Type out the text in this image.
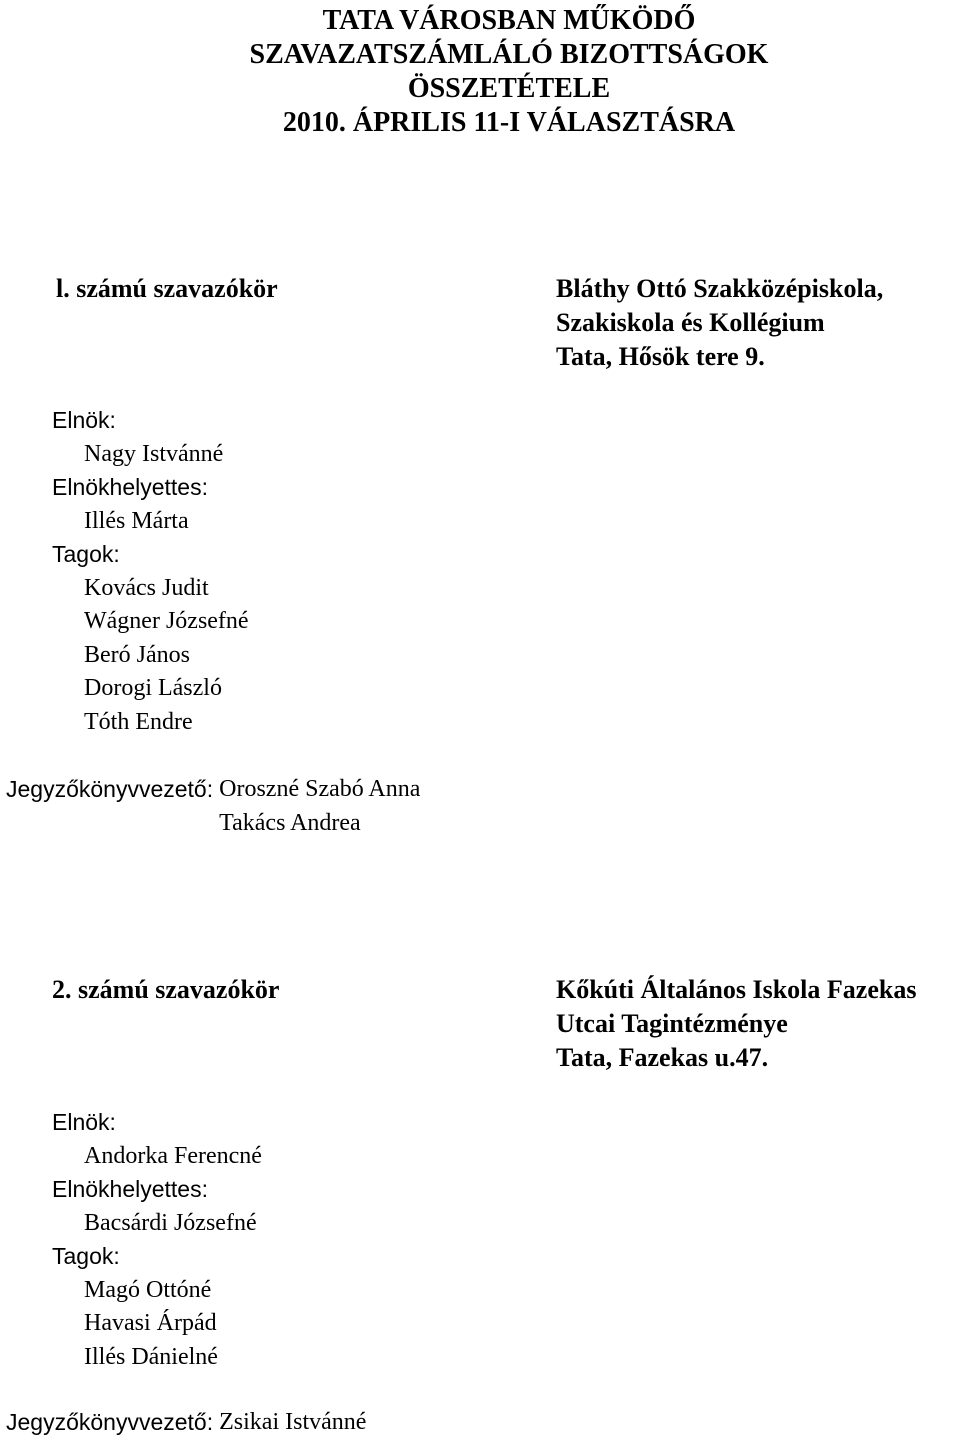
TATA VÁROSBAN MŰKÖDŐ
SZAVAZATSZÁMLÁLÓ BIZOTTSÁGOK
ÖSSZETÉTELE
2010. ÁPRILIS 11-I VÁLASZTÁSRA
l. számú szavazókör	Bláthy Ottó Szakközépiskola,
Szakiskola és Kollégium
Tata, Hősök tere 9.
Elnök:
Nagy Istvánné
Elnökhelyettes:
Illés Márta
Tagok:
Kovács Judit
Wágner Józsefné
Beró János
Dorogi László
Tóth Endre
Jegyzőkönyvvezető: Oroszné Szabó Anna
Takács Andrea
2. számú szavazókör	Kőkúti Általános Iskola Fazekas
Utcai Tagintézménye
Tata, Fazekas u.47.
Elnök:
Andorka Ferencné
Elnökhelyettes:
Bacsárdi Józsefné
Tagok:
Magó Ottóné
Havasi Árpád
Illés Dánielné
Jegyzőkönyvvezető: Zsikai Istvánné
